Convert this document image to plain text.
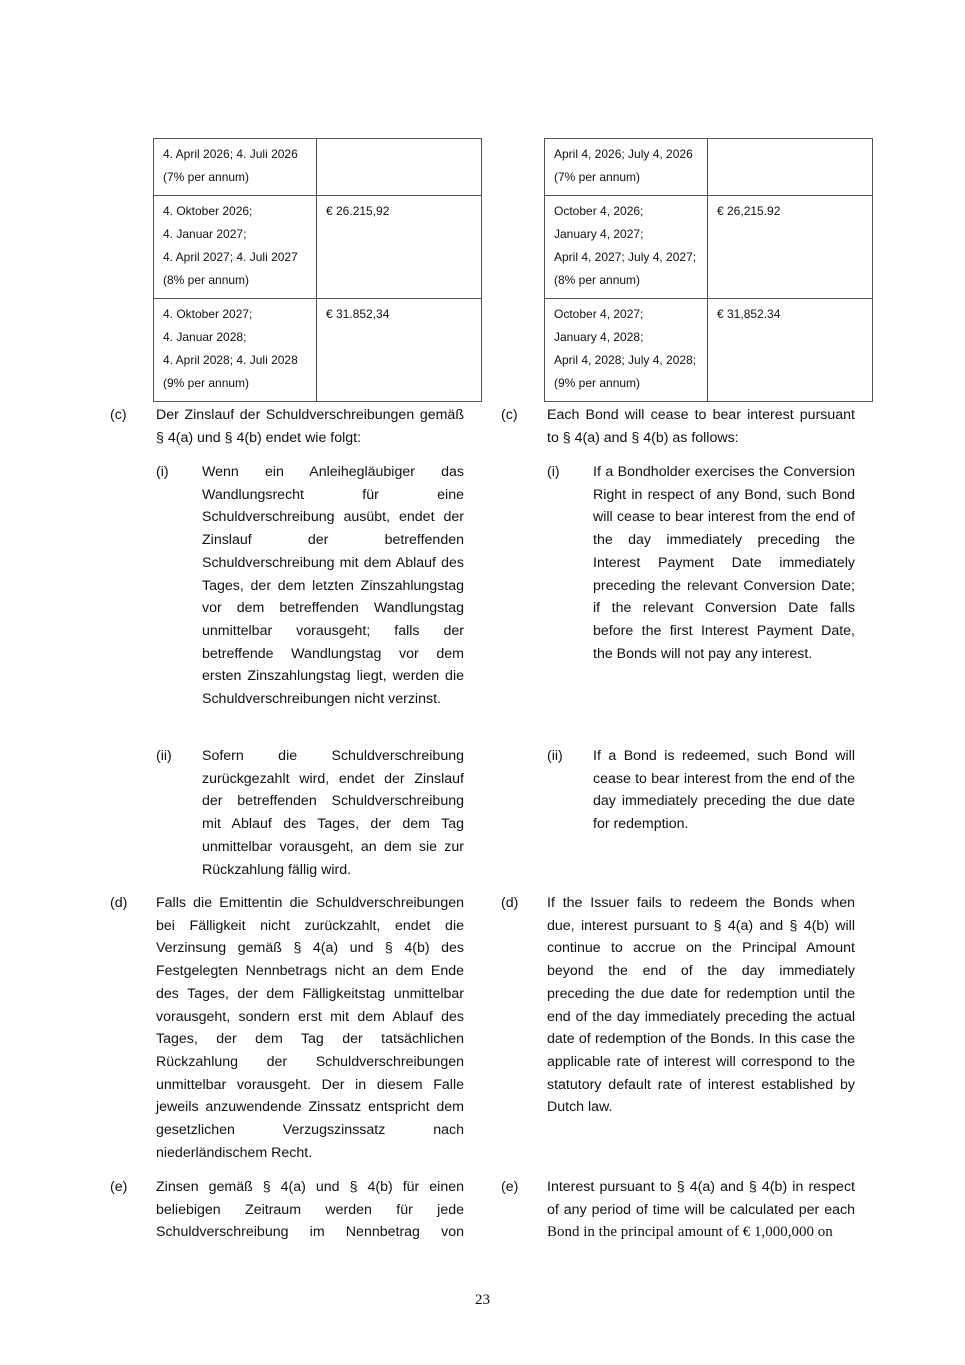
4. April 2026; 4. Juli 2026
(7% per annum)	

4. Oktober 2026;
4. Januar 2027;
4. April 2027; 4. Juli 2027
(8% per annum)	€ 26.215,92

4. Oktober 2027;
4. Januar 2028;
4. April 2028; 4. Juli 2028
(9% per annum)	€ 31.852,34
April 4, 2026; July 4, 2026
(7% per annum)	

October 4, 2026;
January 4, 2027;
April 4, 2027; July 4, 2027;
(8% per annum)	€ 26,215.92

October 4, 2027;
January 4, 2028;
April 4, 2028; July 4, 2028;
(9% per annum)	€ 31,852.34
(c) Der Zinslauf der Schuldverschreibungen gemäß § 4(a) und § 4(b) endet wie folgt:
(i) Wenn ein Anleihegläubiger das Wandlungsrecht für eine Schuldverschreibung ausübt, endet der Zinslauf der betreffenden Schuldverschreibung mit dem Ablauf des Tages, der dem letzten Zinszahlungstag vor dem betreffenden Wandlungstag unmittelbar vorausgeht; falls der betreffende Wandlungstag vor dem ersten Zinszahlungstag liegt, werden die Schuldverschreibungen nicht verzinst.
(ii) Sofern die Schuldverschreibung zurückgezahlt wird, endet der Zinslauf der betreffenden Schuldverschreibung mit Ablauf des Tages, der dem Tag unmittelbar vorausgeht, an dem sie zur Rückzahlung fällig wird.
(d) Falls die Emittentin die Schuldverschreibungen bei Fälligkeit nicht zurückzahlt, endet die Verzinsung gemäß § 4(a) und § 4(b) des Festgelegten Nennbetrags nicht an dem Ende des Tages, der dem Fälligkeitstag unmittelbar vorausgeht, sondern erst mit dem Ablauf des Tages, der dem Tag der tatsächlichen Rückzahlung der Schuldverschreibungen unmittelbar vorausgeht. Der in diesem Falle jeweils anzuwendende Zinssatz entspricht dem gesetzlichen Verzugszinssatz nach niederländischem Recht.
(e) Zinsen gemäß § 4(a) und § 4(b) für einen beliebigen Zeitraum werden für jede Schuldverschreibung im Nennbetrag von
(c) Each Bond will cease to bear interest pursuant to § 4(a) and § 4(b) as follows:
(i) If a Bondholder exercises the Conversion Right in respect of any Bond, such Bond will cease to bear interest from the end of the day immediately preceding the Interest Payment Date immediately preceding the relevant Conversion Date; if the relevant Conversion Date falls before the first Interest Payment Date, the Bonds will not pay any interest.
(ii) If a Bond is redeemed, such Bond will cease to bear interest from the end of the day immediately preceding the due date for redemption.
(d) If the Issuer fails to redeem the Bonds when due, interest pursuant to § 4(a) and § 4(b) will continue to accrue on the Principal Amount beyond the end of the day immediately preceding the due date for redemption until the end of the day immediately preceding the actual date of redemption of the Bonds. In this case the applicable rate of interest will correspond to the statutory default rate of interest established by Dutch law.
(e) Interest pursuant to § 4(a) and § 4(b) in respect of any period of time will be calculated per each Bond in the principal amount of € 1,000,000 on
23
